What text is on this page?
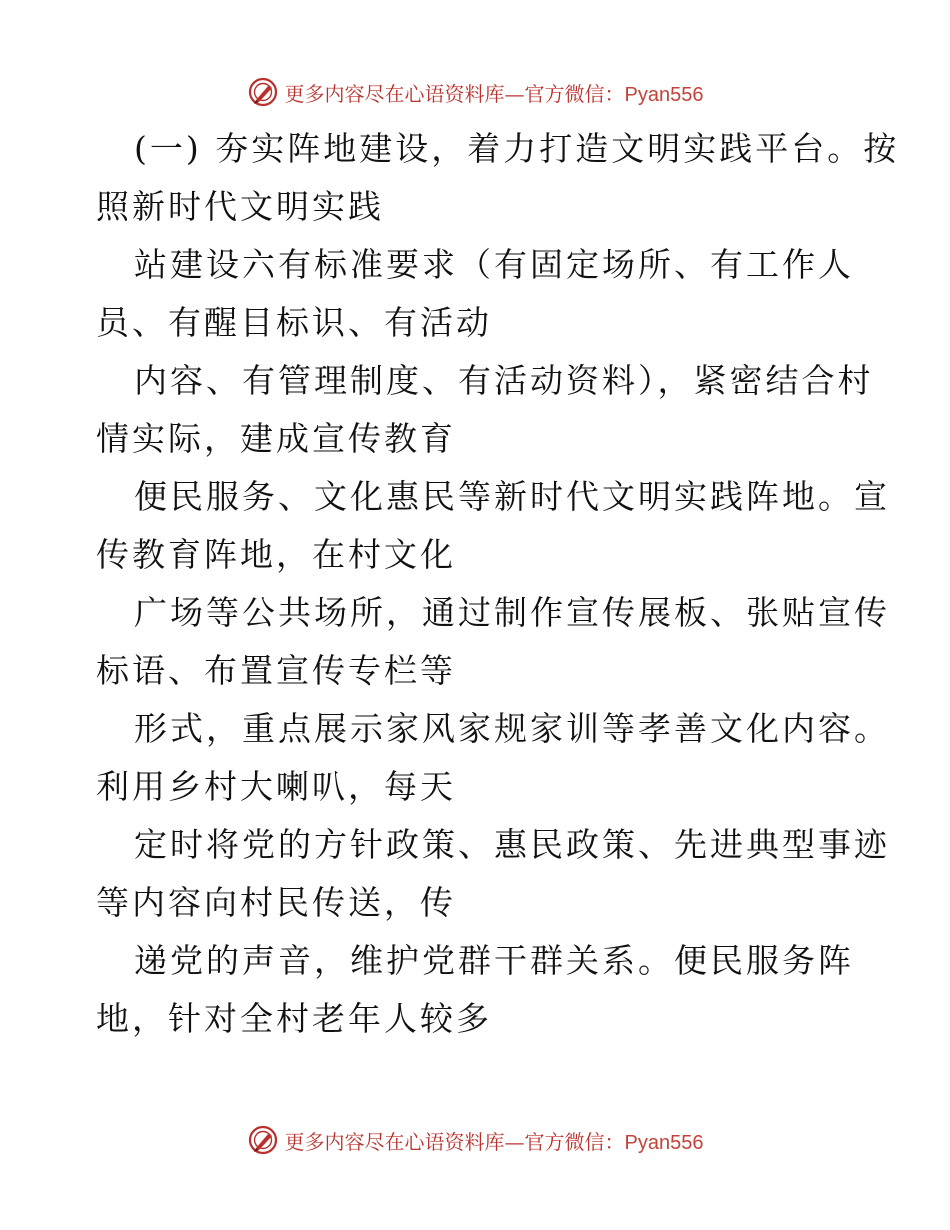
更多内容尽在心语资料库—官方微信：Pyan556
(一) 夯实阵地建设，着力打造文明实践平台。按
照新时代文明实践
站建设六有标准要求（有固定场所、有工作人
员、有醒目标识、有活动
内容、有管理制度、有活动资料），紧密结合村
情实际，建成宣传教育
便民服务、文化惠民等新时代文明实践阵地。宣
传教育阵地，在村文化
广场等公共场所，通过制作宣传展板、张贴宣传
标语、布置宣传专栏等
形式，重点展示家风家规家训等孝善文化内容。
利用乡村大喇叭，每天
定时将党的方针政策、惠民政策、先进典型事迹
等内容向村民传送，传
递党的声音，维护党群干群关系。便民服务阵
地，针对全村老年人较多
更多内容尽在心语资料库—官方微信：Pyan556
